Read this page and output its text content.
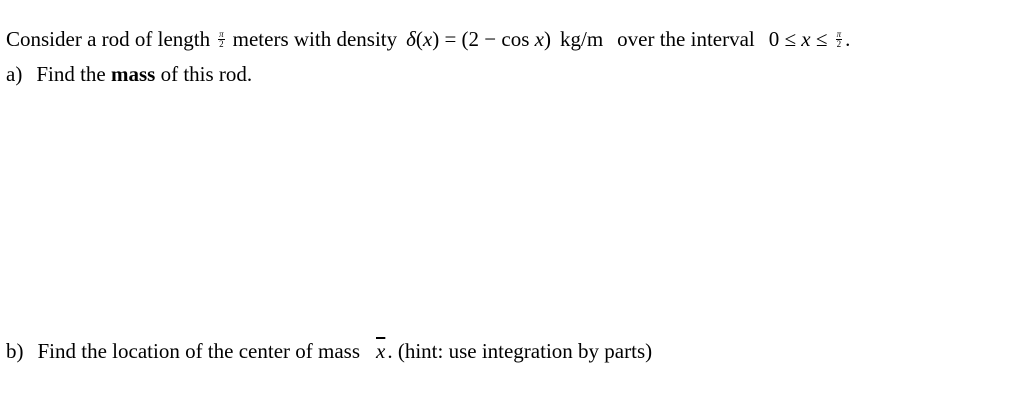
Consider a rod of length $\frac{\pi}{2}$ meters with density δ(x) = (2 − cos x) kg/m over the interval $0 \le x \le \frac{\pi}{2}$ .
a) Find the mass of this rod.
b) Find the location of the center of mass $\overline{x}$. (hint: use integration by parts)
